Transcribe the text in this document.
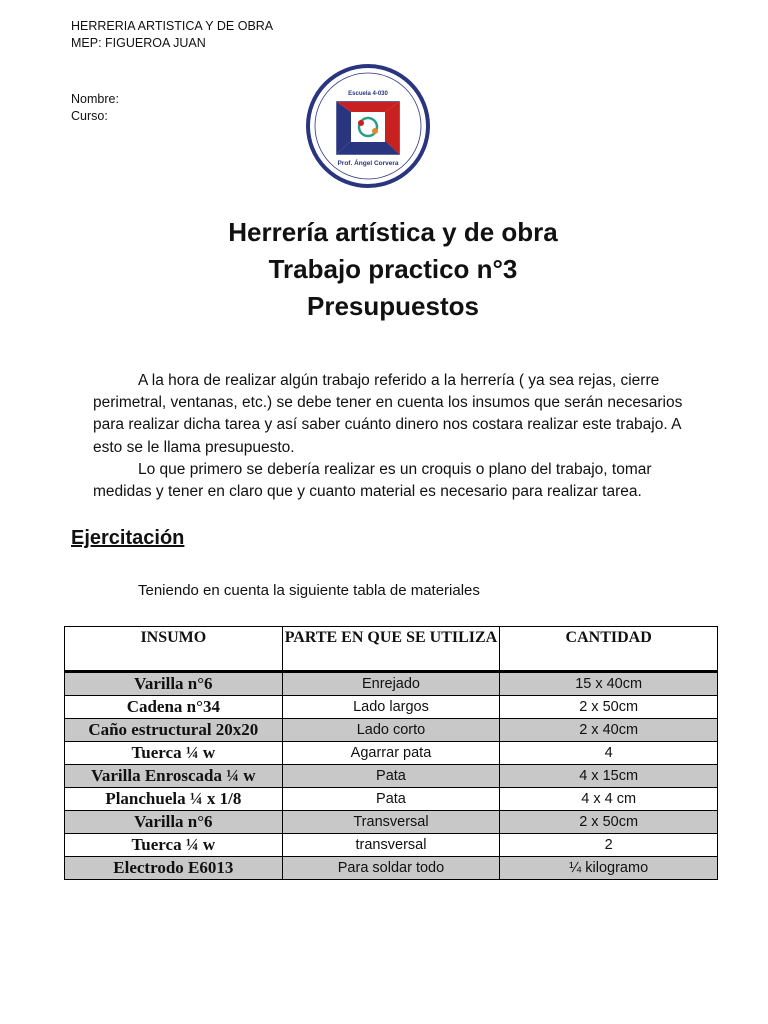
HERRERIA ARTISTICA Y DE OBRA
MEP: FIGUEROA JUAN
Nombre:
Curso:
Escuela 4-030
Prof. Ángel Corvera
Herrería artística y de obra
Trabajo practico n°3
Presupuestos

A la hora de realizar algún trabajo referido a la herrería ( ya sea rejas, cierre perimetral, ventanas, etc.) se debe tener en cuenta los insumos que serán necesarios para realizar dicha tarea y así saber cuánto dinero nos costara realizar este trabajo. A esto se le llama presupuesto.

Lo que primero se debería realizar es un croquis o plano del trabajo, tomar medidas y tener en claro que y cuanto material es necesario para realizar tarea.

Ejercitación
Teniendo en cuenta la siguiente tabla de materiales
INSUMO	PARTE EN QUE SE UTILIZA	CANTIDAD
Varilla n°6	Enrejado	15 x 40cm
Cadena n°34	Lado largos	2 x 50cm
Caño estructural 20x20	Lado corto	2 x 40cm
Tuerca ¼ w	Agarrar pata	4
Varilla Enroscada ¼ w	Pata	4 x 15cm
Planchuela ¼ x 1/8	Pata	4 x 4 cm
Varilla n°6	Transversal	2 x 50cm
Tuerca ¼ w	transversal	2
Electrodo E6013	Para soldar todo	¼ kilogramo
